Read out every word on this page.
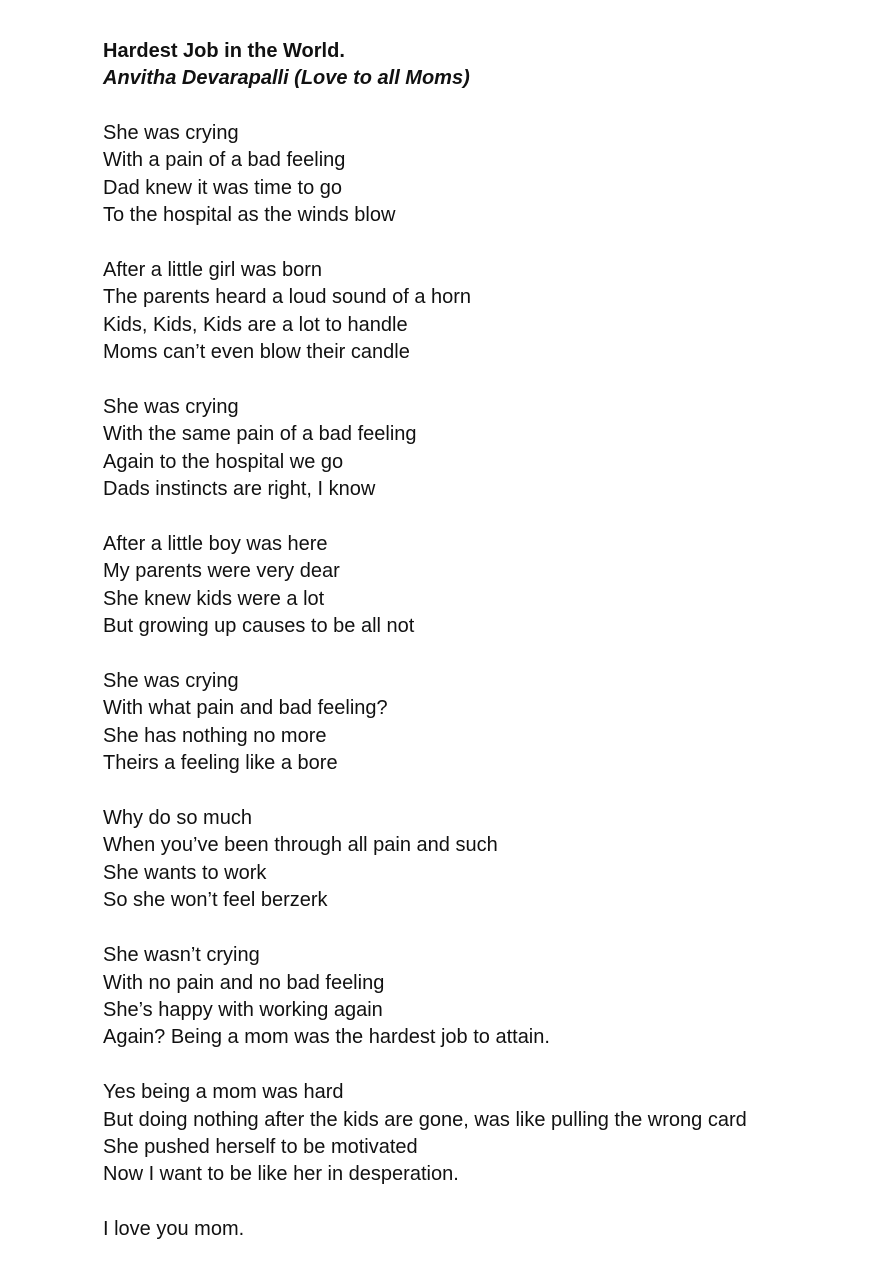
Hardest Job in the World.
Anvitha Devarapalli (Love to all Moms)
She was crying
With a pain of a bad feeling
Dad knew it was time to go
To the hospital as the winds blow
After a little girl was born
The parents heard a loud sound of a horn
Kids, Kids, Kids are a lot to handle
Moms can’t even blow their candle
She was crying
With the same pain of a bad feeling
Again to the hospital we go
Dads instincts are right, I know
After a little boy was here
My parents were very dear
She knew kids were a lot
But growing up causes to be all not
She was crying
With what pain and bad feeling?
She has nothing no more
Theirs a feeling like a bore
Why do so much
When you’ve been through all pain and such
She wants to work
So she won’t feel berzerk
She wasn’t crying
With no pain and no bad feeling
She’s happy with working again
Again? Being a mom was the hardest job to attain.
Yes being a mom was hard
But doing nothing after the kids are gone, was like pulling the wrong card
She pushed herself to be motivated
Now I want to be like her in desperation.
I love you mom.
